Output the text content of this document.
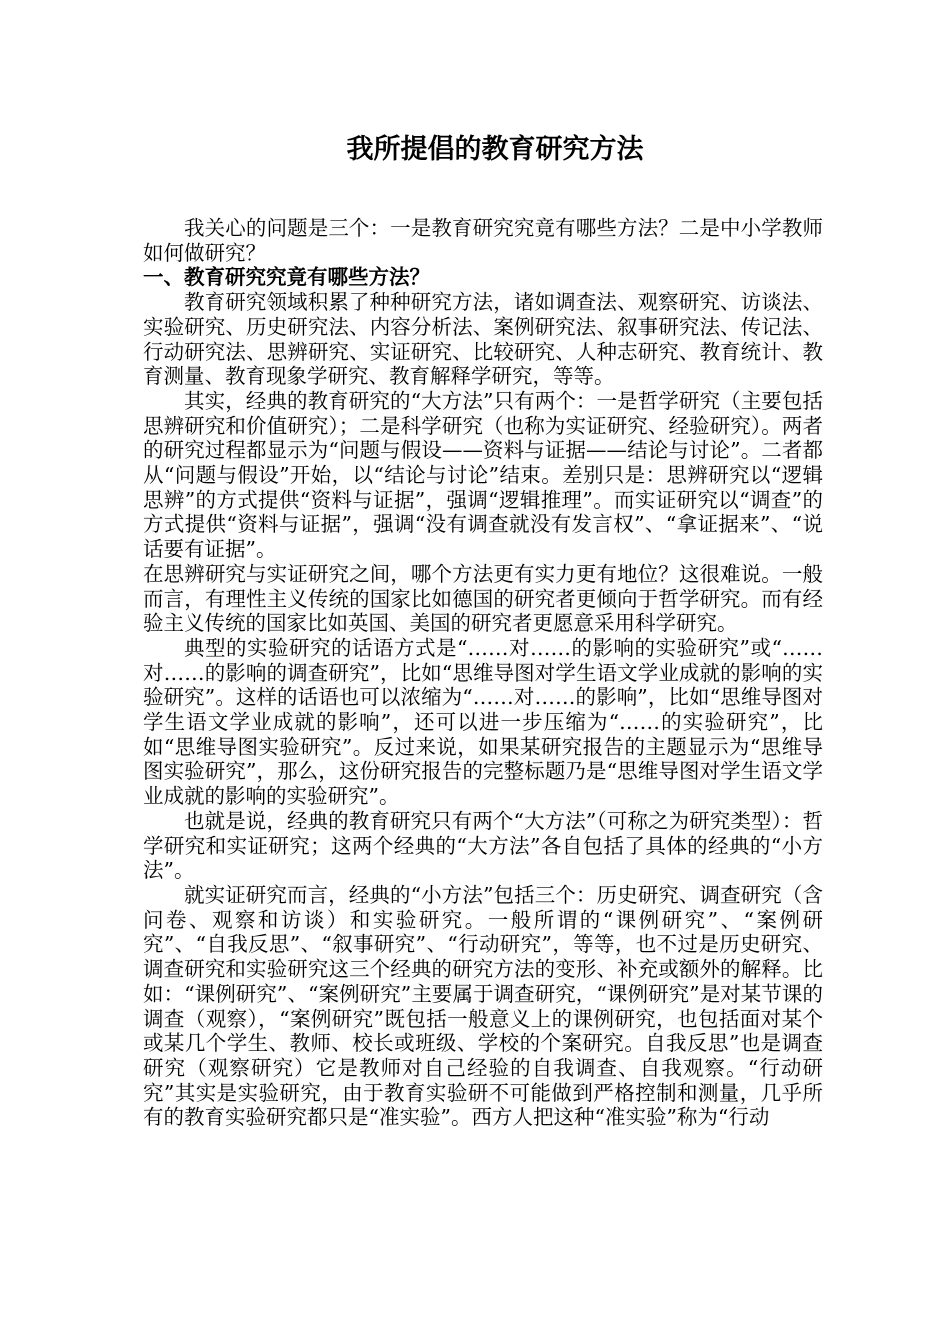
我所提倡的教育研究方法

我关心的问题是三个：一是教育研究究竟有哪些方法？二是中小学教师如何做研究？

一、教育研究究竟有哪些方法？

教育研究领域积累了种种研究方法，诸如调查法、观察研究、访谈法、实验研究、历史研究法、内容分析法、案例研究法、叙事研究法、传记法、行动研究法、思辨研究、实证研究、比较研究、人种志研究、教育统计、教育测量、教育现象学研究、教育解释学研究，等等。

其实，经典的教育研究的“大方法”只有两个：一是哲学研究（主要包括思辨研究和价值研究）；二是科学研究（也称为实证研究、经验研究）。两者的研究过程都显示为“问题与假设——资料与证据——结论与讨论”。二者都从“问题与假设”开始，以“结论与讨论”结束。差别只是：思辨研究以“逻辑思辨”的方式提供“资料与证据”，强调“逻辑推理”。而实证研究以“调查”的方式提供“资料与证据”，强调“没有调查就没有发言权”、“拿证据来”、“说话要有证据”。

在思辨研究与实证研究之间，哪个方法更有实力更有地位？这很难说。一般而言，有理性主义传统的国家比如德国的研究者更倾向于哲学研究。而有经验主义传统的国家比如英国、美国的研究者更愿意采用科学研究。

典型的实验研究的话语方式是“……对……的影响的实验研究”或“……对……的影响的调查研究”，比如“思维导图对学生语文学业成就的影响的实验研究”。这样的话语也可以浓缩为“……对……的影响”，比如“思维导图对学生语文学业成就的影响”，还可以进一步压缩为“……的实验研究”，比如“思维导图实验研究”。反过来说，如果某研究报告的主题显示为“思维导图实验研究”，那么，这份研究报告的完整标题乃是“思维导图对学生语文学业成就的影响的实验研究”。

也就是说，经典的教育研究只有两个“大方法”（可称之为研究类型）：哲学研究和实证研究；这两个经典的“大方法”各自包括了具体的经典的“小方法”。

就实证研究而言，经典的“小方法”包括三个：历史研究、调查研究（含问卷、观察和访谈）和实验研究。一般所谓的“课例研究”、“案例研究”、“自我反思”、“叙事研究”、“行动研究”，等等，也不过是历史研究、调查研究和实验研究这三个经典的研究方法的变形、补充或额外的解释。比如：“课例研究”、“案例研究”主要属于调查研究，“课例研究”是对某节课的调查（观察），“案例研究”既包括一般意义上的课例研究，也包括面对某个或某几个学生、教师、校长或班级、学校的个案研究。自我反思”也是调查研究（观察研究）它是教师对自己经验的自我调查、自我观察。“行动研究”其实是实验研究，由于教育实验研不可能做到严格控制和测量，几乎所有的教育实验研究都只是“准实验”。西方人把这种“准实验”称为“行动
